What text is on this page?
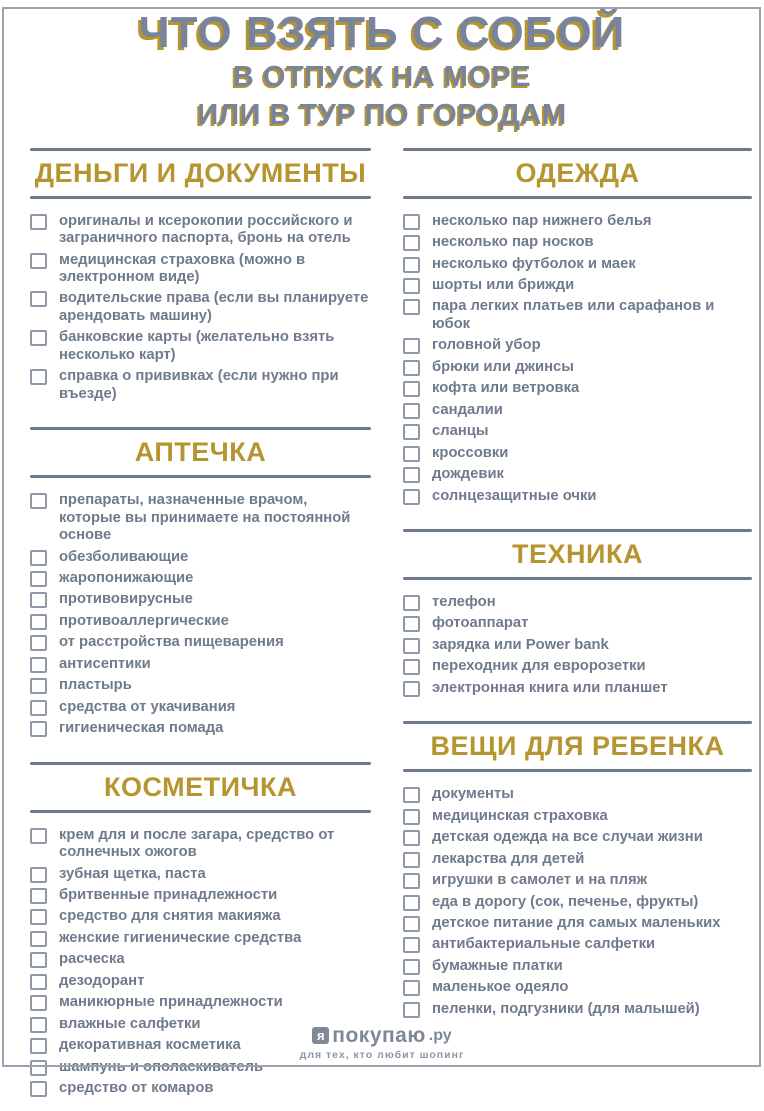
ЧТО ВЗЯТЬ С СОБОЙ
В ОТПУСК НА МОРЕ
ИЛИ В ТУР ПО ГОРОДАМ
ДЕНЬГИ И ДОКУМЕНТЫ
оригиналы и ксерокопии российского и заграничного паспорта, бронь на отель
медицинская страховка (можно в электронном виде)
водительские права (если вы планируете арендовать машину)
банковские карты (желательно взять несколько карт)
справка о прививках (если нужно при въезде)
АПТЕЧКА
препараты, назначенные врачом, которые вы принимаете на постоянной основе
обезболивающие
жаропонижающие
противовирусные
противоаллергические
от расстройства пищеварения
антисептики
пластырь
средства от укачивания
гигиеническая помада
КОСМЕТИЧКА
крем для и после загара, средство от солнечных ожогов
зубная щетка, паста
бритвенные принадлежности
средство для снятия макияжа
женские гигиенические средства
расческа
дезодорант
маникюрные принадлежности
влажные салфетки
декоративная косметика
шампунь и ополаскиватель
средство от комаров
ОДЕЖДА
несколько пар нижнего белья
несколько пар носков
несколько футболок и маек
шорты или брижди
пара легких платьев или сарафанов и юбок
головной убор
брюки или джинсы
кофта или ветровка
сандалии
сланцы
кроссовки
дождевик
солнцезащитные очки
ТЕХНИКА
телефон
фотоаппарат
зарядка или Power bank
переходник для евророзетки
электронная книга или планшет
ВЕЩИ ДЛЯ РЕБЕНКА
документы
медицинская страховка
детская одежда на все случаи жизни
лекарства для детей
игрушки в самолет и на пляж
еда в дорогу (сок, печенье, фрукты)
детское питание для самых маленьких
антибактериальные салфетки
бумажные платки
маленькое одеяло
пеленки, подгузники (для малышей)
я покупаю .ру
для тех, кто любит шопинг
